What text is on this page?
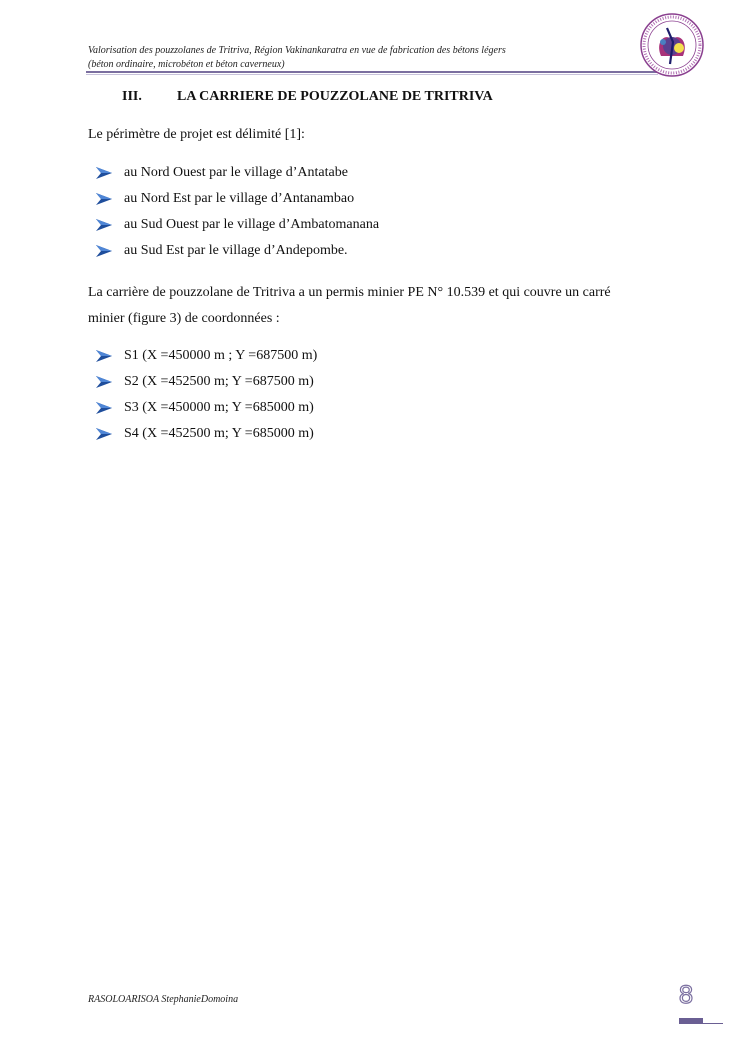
Valorisation des pouzzolanes de Tritriva, Région Vakinankaratra en vue de fabrication des bétons légers
(béton ordinaire, microbéton et béton caverneux)
III.	LA CARRIERE DE POUZZOLANE DE TRITRIVA
Le périmètre de projet est délimité [1]:
au Nord Ouest par le village d’Antatabe
au Nord Est par le village d’Antanambao
au Sud Ouest par le village d’Ambatomanana
au Sud Est par le village d’Andepombe.
La carrière de pouzzolane de Tritriva a un permis minier PE N° 10.539 et qui couvre un carré
minier (figure 3) de coordonnées :
S1 (X =450000 m ; Y =687500 m)
S2 (X =452500 m; Y =687500 m)
S3 (X =450000 m; Y =685000 m)
S4 (X =452500 m; Y =685000 m)
RASOLOARISOA StephanieDomoina	8
